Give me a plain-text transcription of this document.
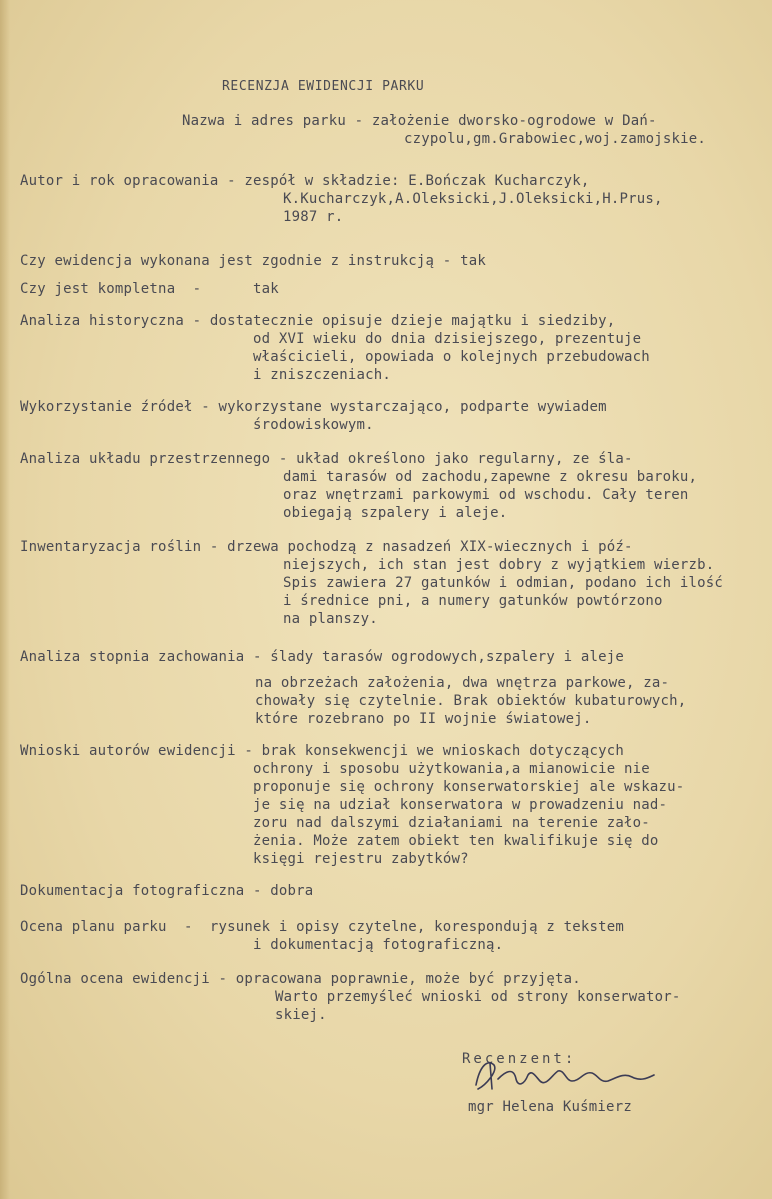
RECENZJA EWIDENCJI PARKU
Nazwa i adres parku - założenie dworsko-ogrodowe w Dań-
czypolu,gm.Grabowiec,woj.zamojskie.
Autor i rok opracowania - zespół w składzie: E.Bończak Kucharczyk,
K.Kucharczyk,A.Oleksicki,J.Oleksicki,H.Prus,
1987 r.
Czy ewidencja wykonana jest zgodnie z instrukcją - tak
Czy jest kompletna  -	tak
Analiza historyczna - dostatecznie opisuje dzieje majątku i siedziby,
od XVI wieku do dnia dzisiejszego, prezentuje
właścicieli, opowiada o kolejnych przebudowach
i zniszczeniach.
Wykorzystanie źródeł - wykorzystane wystarczająco, podparte wywiadem
środowiskowym.
Analiza układu przestrzennego - układ określono jako regularny, ze śla-
dami tarasów od zachodu,zapewne z okresu baroku,
oraz wnętrzami parkowymi od wschodu. Cały teren
obiegają szpalery i aleje.
Inwentaryzacja roślin - drzewa pochodzą z nasadzeń XIX-wiecznych i póź-
niejszych, ich stan jest dobry z wyjątkiem wierzb.
Spis zawiera 27 gatunków i odmian, podano ich ilość
i średnice pni, a numery gatunków powtórzono
na planszy.
Analiza stopnia zachowania - ślady tarasów ogrodowych,szpalery i aleje
na obrzeżach założenia, dwa wnętrza parkowe, za-
chowały się czytelnie. Brak obiektów kubaturowych,
które rozebrano po II wojnie światowej.
Wnioski autorów ewidencji - brak konsekwencji we wnioskach dotyczących
ochrony i sposobu użytkowania,a mianowicie nie
proponuje się ochrony konserwatorskiej ale wskazu-
je się na udział konserwatora w prowadzeniu nad-
zoru nad dalszymi działaniami na terenie zało-
żenia. Może zatem obiekt ten kwalifikuje się do
księgi rejestru zabytków?
Dokumentacja fotograficzna - dobra
Ocena planu parku  -  rysunek i opisy czytelne, korespondują z tekstem
i dokumentacją fotograficzną.
Ogólna ocena ewidencji - opracowana poprawnie, może być przyjęta.
Warto przemyśleć wnioski od strony konserwator-
skiej.
Recenzent:
mgr Helena Kuśmierz
